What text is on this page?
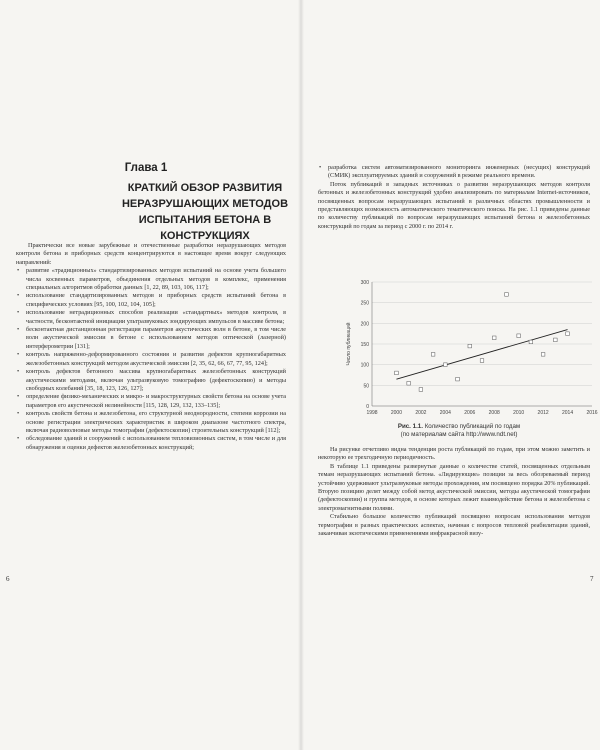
Глава 1
КРАТКИЙ ОБЗОР РАЗВИТИЯ НЕРАЗРУШАЮЩИХ МЕТОДОВ ИСПЫТАНИЯ БЕТОНА В КОНСТРУКЦИЯХ

Практически все новые зарубежные и отечественные разработки неразрушающих методов контроля бетона и приборных средств концентрируются в настоящее время вокруг следующих направлений:

• развитие «традиционных» стандартизированных методов испытаний на основе учета большего числа косвенных параметров, объединения отдельных методов в комплекс, применения специальных алгоритмов обработки данных [1, 22, 89, 103, 106, 117];
• использование стандартизированных методов и приборных средств испытаний бетона в специфических условиях [95, 100, 102, 104, 105];
• использование нетрадиционных способов реализации «стандартных» методов контроля, в частности, бесконтактной инициации ультразвуковых зондирующих импульсов в массиве бетона;
• бесконтактная дистанционная регистрация параметров акустических волн в бетоне, в том числе волн акустической эмиссии в бетоне с использованием методов оптической (лазерной) интерферометрии [131];
• контроль напряженно-деформированного состояния и развития дефектов крупногабаритных железобетонных конструкций методом акустической эмиссии [2, 35, 62, 66, 67, 77, 95, 124];
• контроль дефектов бетонного массива крупногабаритных железобетонных конструкций акустическими методами, включая ультразвуковую томографию (дефектоскопию) и методы свободных колебаний [35, 18, 123, 126, 127];
• определение физико-механических и микро- и макроструктурных свойств бетона на основе учета параметров его акустической нелинейности [115, 128, 129, 132, 133–135];
• контроль свойств бетона и железобетона, его структурной неоднородности, степени коррозии на основе регистрации электрических характеристик в широком диапазоне частотного спектра, включая радиоволновые методы томографии (дефектоскопии) строительных конструкций [112];
• обследование зданий и сооружений с использованием тепловизионных систем, в том числе и для обнаружения и оценки дефектов железобетонных конструкций;
6
• разработка систем автоматизированного мониторинга инженерных (несущих) конструкций (СМИК) эксплуатируемых зданий и сооружений в режиме реального времени.

Поток публикаций в западных источниках о развитии неразрушающих методов контроля бетонных и железобетонных конструкций удобно анализировать по материалам Internet-источников, посвященных вопросам неразрушающих испытаний в различных областях промышленности и представляющих возможность автоматического тематического поиска. На рис. 1.1 приведены данные по количеству публикаций по вопросам неразрушающих испытаний бетона и железобетонных конструкций по годам за период с 2000 г. по 2014 г.

0
50
100
150
200
250
300
1998	2000	2002	2004	2006	2008	2010	2012	2014	2016
Число публикаций
Рис. 1.1. Количество публикаций по годам
(по материалам сайта http://www.ndt.net)

На рисунке отчетливо видна тенденция роста публикаций по годам, при этом можно заметить и некоторую ее трехгодичную периодичность.

В таблице 1.1 приведены развернутые данные о количестве статей, посвященных отдельным темам неразрушающих испытаний бетона. «Лидирующие» позиции за весь обозреваемый период устойчиво удерживают ультразвуковые методы прохождения, им посвящено порядка 20% публикаций. Вторую позицию делят между собой метод акустической эмиссии, методы акустической томографии (дефектоскопии) и группа методов, в основе которых лежит взаимодействие бетона и железобетона с электромагнитными полями.

Стабильно большое количество публикаций посвящено вопросам использования методов термографии в разных практических аспектах, начиная с вопросов тепловой реабилитации зданий, заканчивая экзотическими применениями инфракрасной визу-

7
